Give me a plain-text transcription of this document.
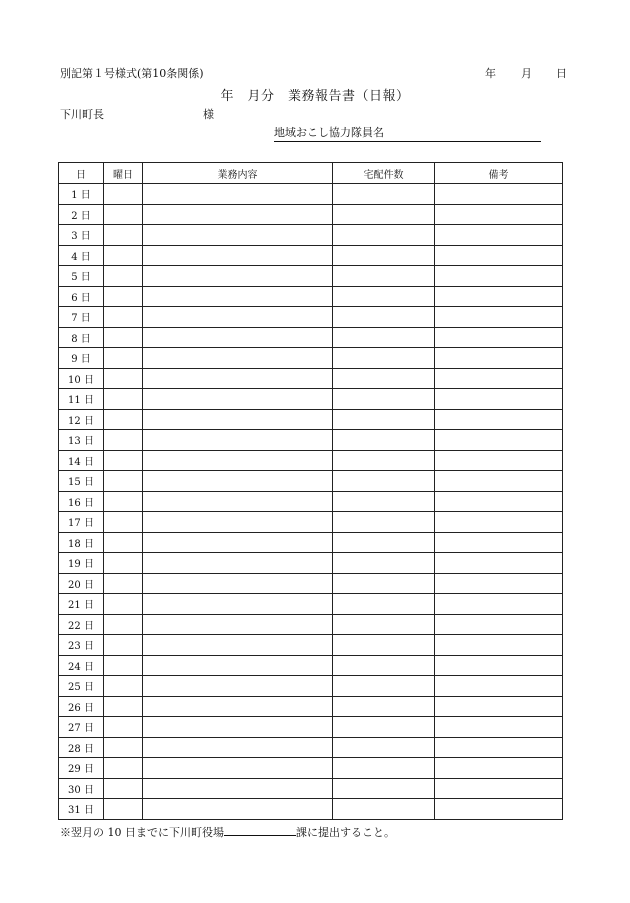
別記第１号様式(第10条関係)	年 月 日
年　月分　業務報告書（日報）
下川町長	様
地域おこし協力隊員名
日	曜日	業務内容	宅配件数	備考
1 日				
2 日				
3 日				
4 日				
5 日				
6 日				
7 日				
8 日				
9 日				
10 日				
11 日				
12 日				
13 日				
14 日				
15 日				
16 日				
17 日				
18 日				
19 日				
20 日				
21 日				
22 日				
23 日				
24 日				
25 日				
26 日				
27 日				
28 日				
29 日				
30 日				
31 日				
※翌月の 10 日までに下川町役場	課に提出すること。
